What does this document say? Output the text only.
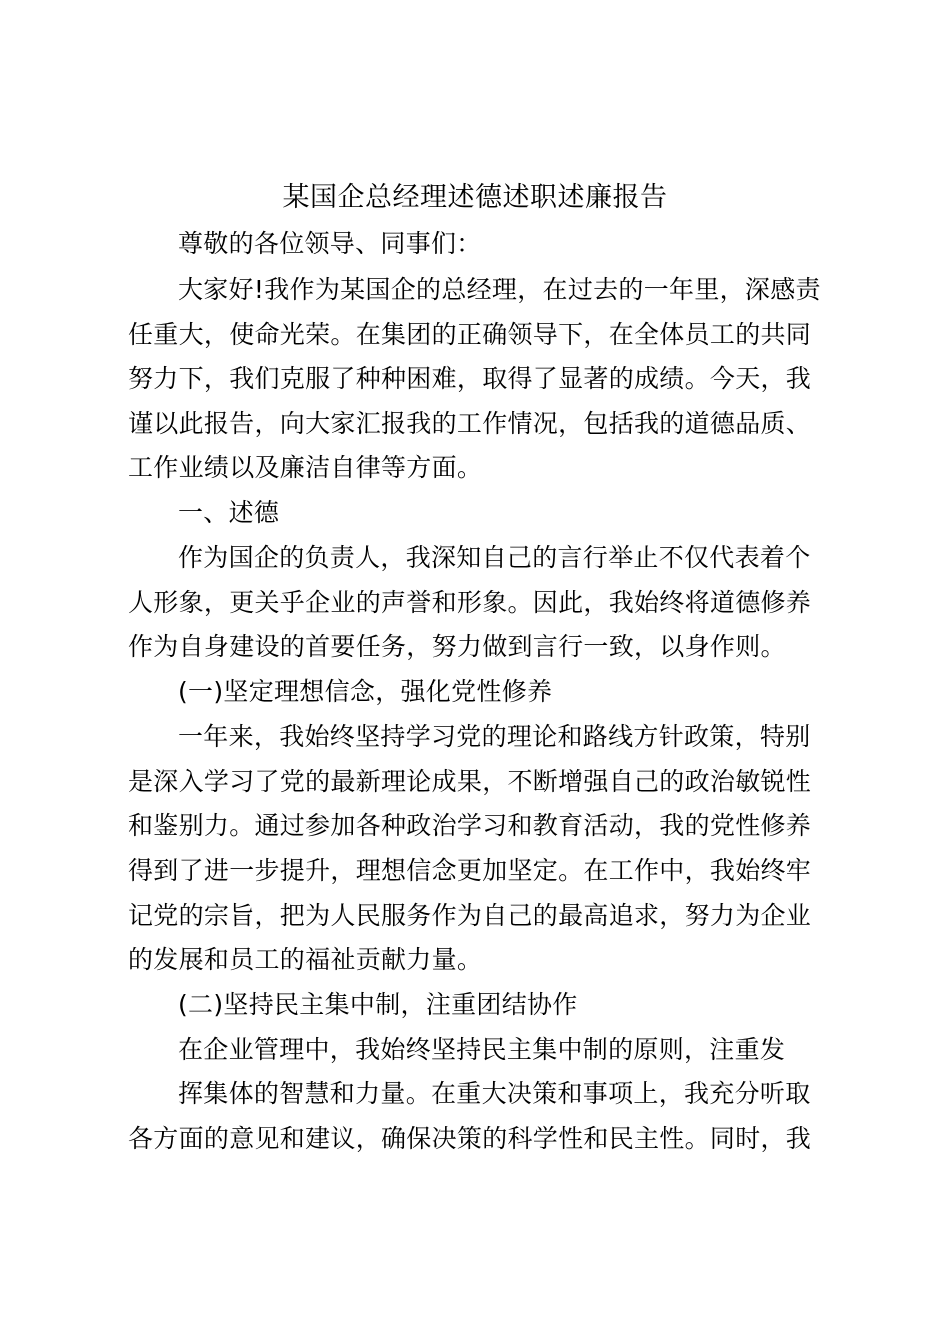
某国企总经理述德述职述廉报告
尊敬的各位领导、同事们：
大家好!我作为某国企的总经理，在过去的一年里，深感责
任重大，使命光荣。在集团的正确领导下，在全体员工的共同
努力下，我们克服了种种困难，取得了显著的成绩。今天，我
谨以此报告，向大家汇报我的工作情况，包括我的道德品质、
工作业绩以及廉洁自律等方面。
一、述德
作为国企的负责人，我深知自己的言行举止不仅代表着个
人形象，更关乎企业的声誉和形象。因此，我始终将道德修养
作为自身建设的首要任务，努力做到言行一致，以身作则。
(一)坚定理想信念，强化党性修养
一年来，我始终坚持学习党的理论和路线方针政策，特别
是深入学习了党的最新理论成果，不断增强自己的政治敏锐性
和鉴别力。通过参加各种政治学习和教育活动，我的党性修养
得到了进一步提升，理想信念更加坚定。在工作中，我始终牢
记党的宗旨，把为人民服务作为自己的最高追求，努力为企业
的发展和员工的福祉贡献力量。
(二)坚持民主集中制，注重团结协作
在企业管理中，我始终坚持民主集中制的原则，注重发
挥集体的智慧和力量。在重大决策和事项上，我充分听取
各方面的意见和建议，确保决策的科学性和民主性。同时，我
